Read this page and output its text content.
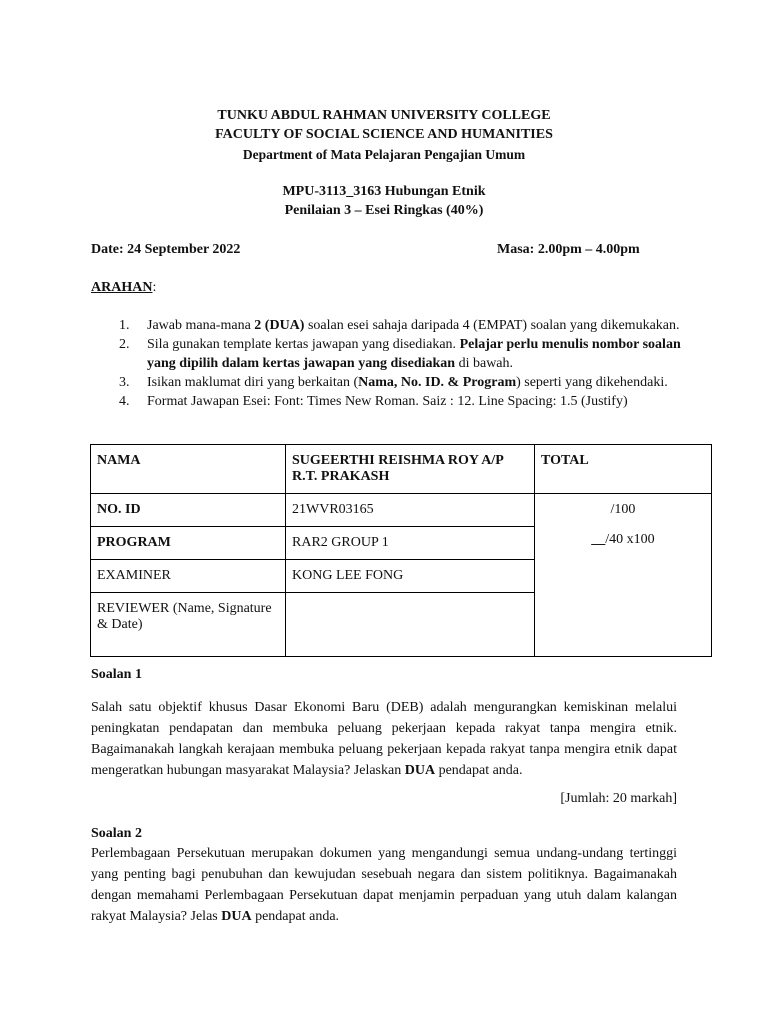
TUNKU ABDUL RAHMAN UNIVERSITY COLLEGE
FACULTY OF SOCIAL SCIENCE AND HUMANITIES
Department of Mata Pelajaran Pengajian Umum
MPU-3113_3163 Hubungan Etnik
Penilaian 3 – Esei Ringkas (40%)
Date: 24 September 2022	Masa: 2.00pm – 4.00pm
ARAHAN:
1. Jawab mana-mana 2 (DUA) soalan esei sahaja daripada 4 (EMPAT) soalan yang dikemukakan.
2. Sila gunakan template kertas jawapan yang disediakan. Pelajar perlu menulis nombor soalan yang dipilih dalam kertas jawapan yang disediakan di bawah.
3. Isikan maklumat diri yang berkaitan (Nama, No. ID. & Program) seperti yang dikehendaki.
4. Format Jawapan Esei: Font: Times New Roman. Saiz : 12. Line Spacing: 1.5 (Justify)
NAMA	SUGEERTHI REISHMA ROY A/P R.T. PRAKASH	TOTAL
NO. ID	21WVR03165	/100
__/40 x100

PROGRAM	RAR2 GROUP 1	
EXAMINER	KONG LEE FONG	
REVIEWER (Name, Signature & Date)		
Soalan 1
Salah satu objektif khusus Dasar Ekonomi Baru (DEB) adalah mengurangkan kemiskinan melalui peningkatan pendapatan dan membuka peluang pekerjaan kepada rakyat tanpa mengira etnik. Bagaimanakah langkah kerajaan membuka peluang pekerjaan kepada rakyat tanpa mengira etnik dapat mengeratkan hubungan masyarakat Malaysia? Jelaskan DUA pendapat anda.
[Jumlah: 20 markah]
Soalan 2
Perlembagaan Persekutuan merupakan dokumen yang mengandungi semua undang-undang tertinggi yang penting bagi penubuhan dan kewujudan sesebuah negara dan sistem politiknya. Bagaimanakah dengan memahami Perlembagaan Persekutuan dapat menjamin perpaduan yang utuh dalam kalangan rakyat Malaysia? Jelas DUA pendapat anda.
